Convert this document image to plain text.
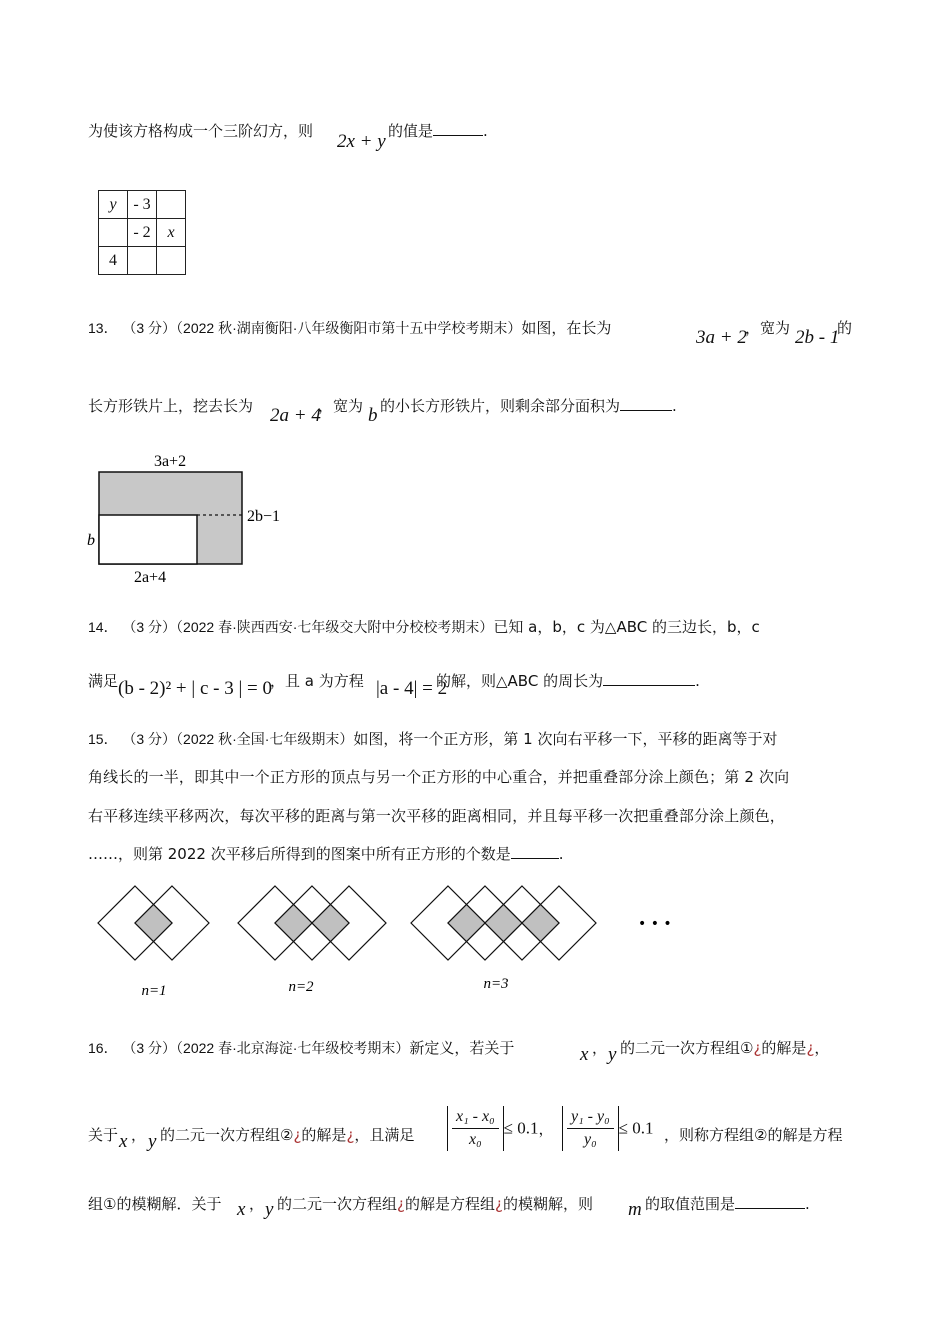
为使该方格构成一个三阶幻方，则 2x + y 的值是	.
y	- 3	
	- 2	x
4		
13． （3 分）（2022 秋·湖南衡阳·八年级衡阳市第十五中学校考期末）如图，在长为	3a + 2
，宽为 2b - 1
的
长方形铁片上，挖去长为 2a + 4
，宽为 b 的小长方形铁片，则剩余部分面积为	.
3a+2
2b−1
b
2a+4
14． （3 分）（2022 春·陕西西安·七年级交大附中分校校考期末）已知 a，b，c 为△ABC 的三边长，b，c
满足 (b - 2)² + | c - 3 | = 0
，且 a 为方程 |a - 4| = 2
的解，则△ABC 的周长为	.
15． （3 分）（2022 秋·全国·七年级期末）如图，将一个正方形，第 1 次向右平移一下，平移的距离等于对
角线长的一半，即其中一个正方形的顶点与另一个正方形的中心重合，并把重叠部分涂上颜色；第 2 次向
右平移连续平移两次，每次平移的距离与第一次平移的距离相同，并且每平移一次把重叠部分涂上颜色，
……，则第 2022 次平移后所得到的图案中所有正方形的个数是	.
• • •
n=1	n=2	n=3
16． （3 分）（2022 春·北京海淀·七年级校考期末）新定义，若关于	x ， y 的二元一次方程组①¿的解是¿，
关于 x ， y 的二元一次方程组②¿的解是¿，且满足 $\frac{\text{x₁ - x₀}}{\text{x₀}} \le 0.1$， $\frac{\text{y₁ - y₀}}{\text{y₀}} \le 0.1$ ，则称方程组②的解是方程
组①的模糊解．关于 x ， y 的二元一次方程组¿的解是方程组¿的模糊解，则 m 的取值范围是	.
